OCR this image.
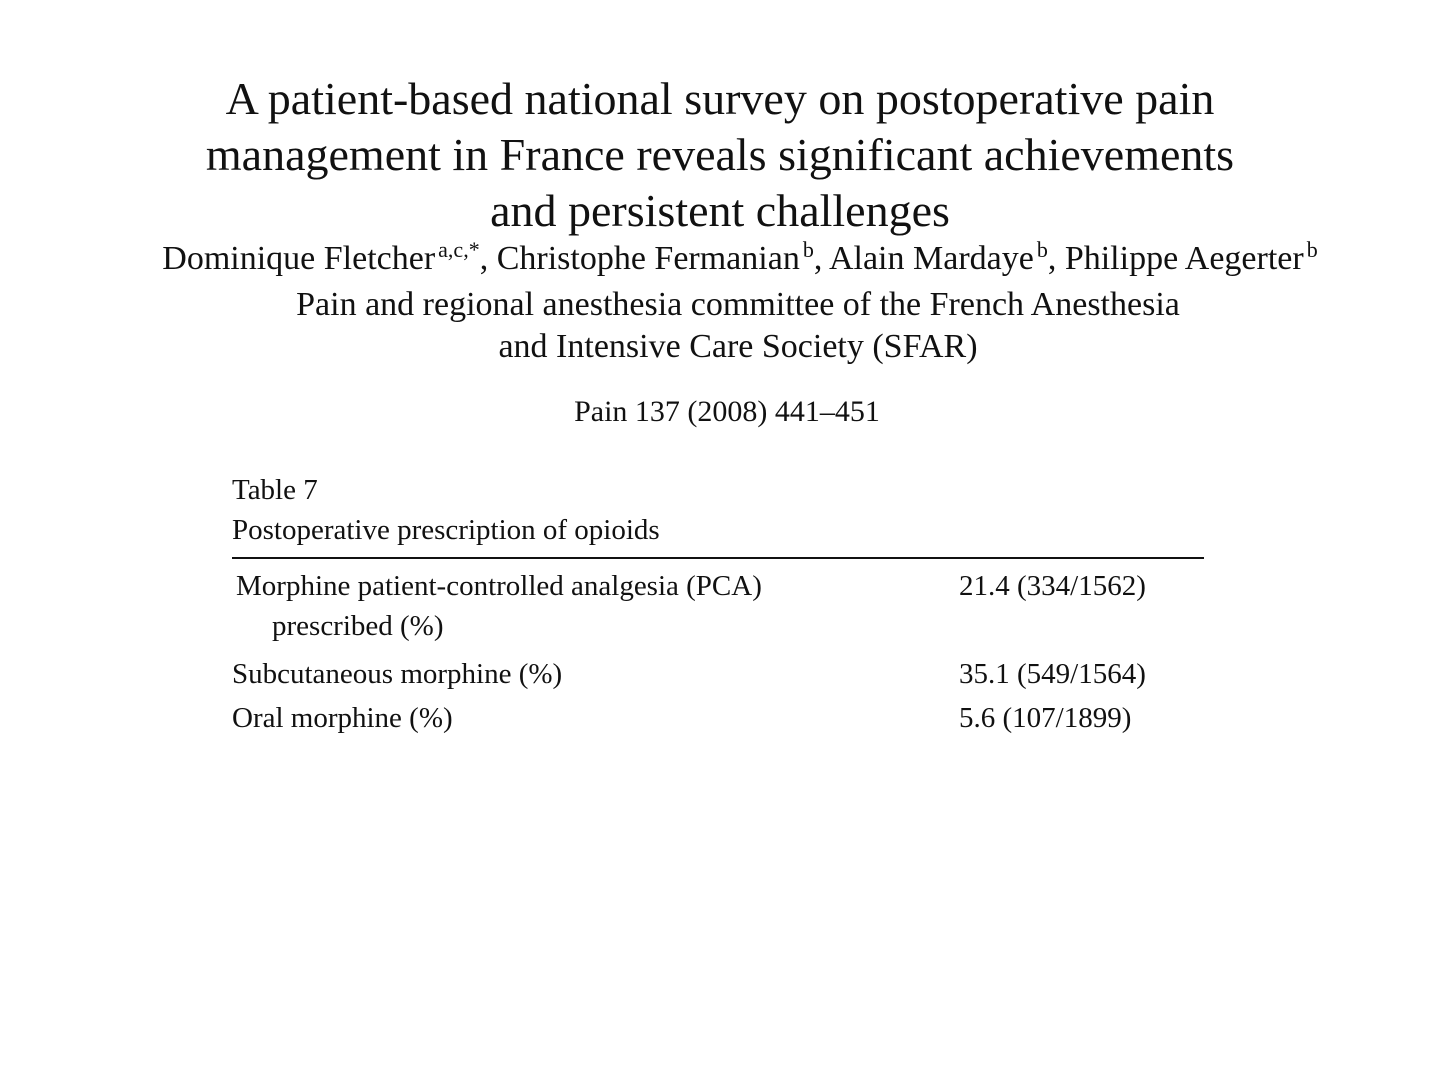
A patient-based national survey on postoperative pain
management in France reveals significant achievements
and persistent challenges
Dominique Fletcher $^{a,c,*}$, Christophe Fermanian $^b$, Alain Mardaye $^b$, Philippe Aegerter $^b$
Pain and regional anesthesia committee of the French Anesthesia
and Intensive Care Society (SFAR)
Pain 137 (2008) 441–451
Table 7
Postoperative prescription of opioids
Morphine patient-controlled analgesia (PCA)
prescribed (%)
21.4 (334/1562)
Subcutaneous morphine (%)	35.1 (549/1564)
Oral morphine (%)	5.6 (107/1899)
